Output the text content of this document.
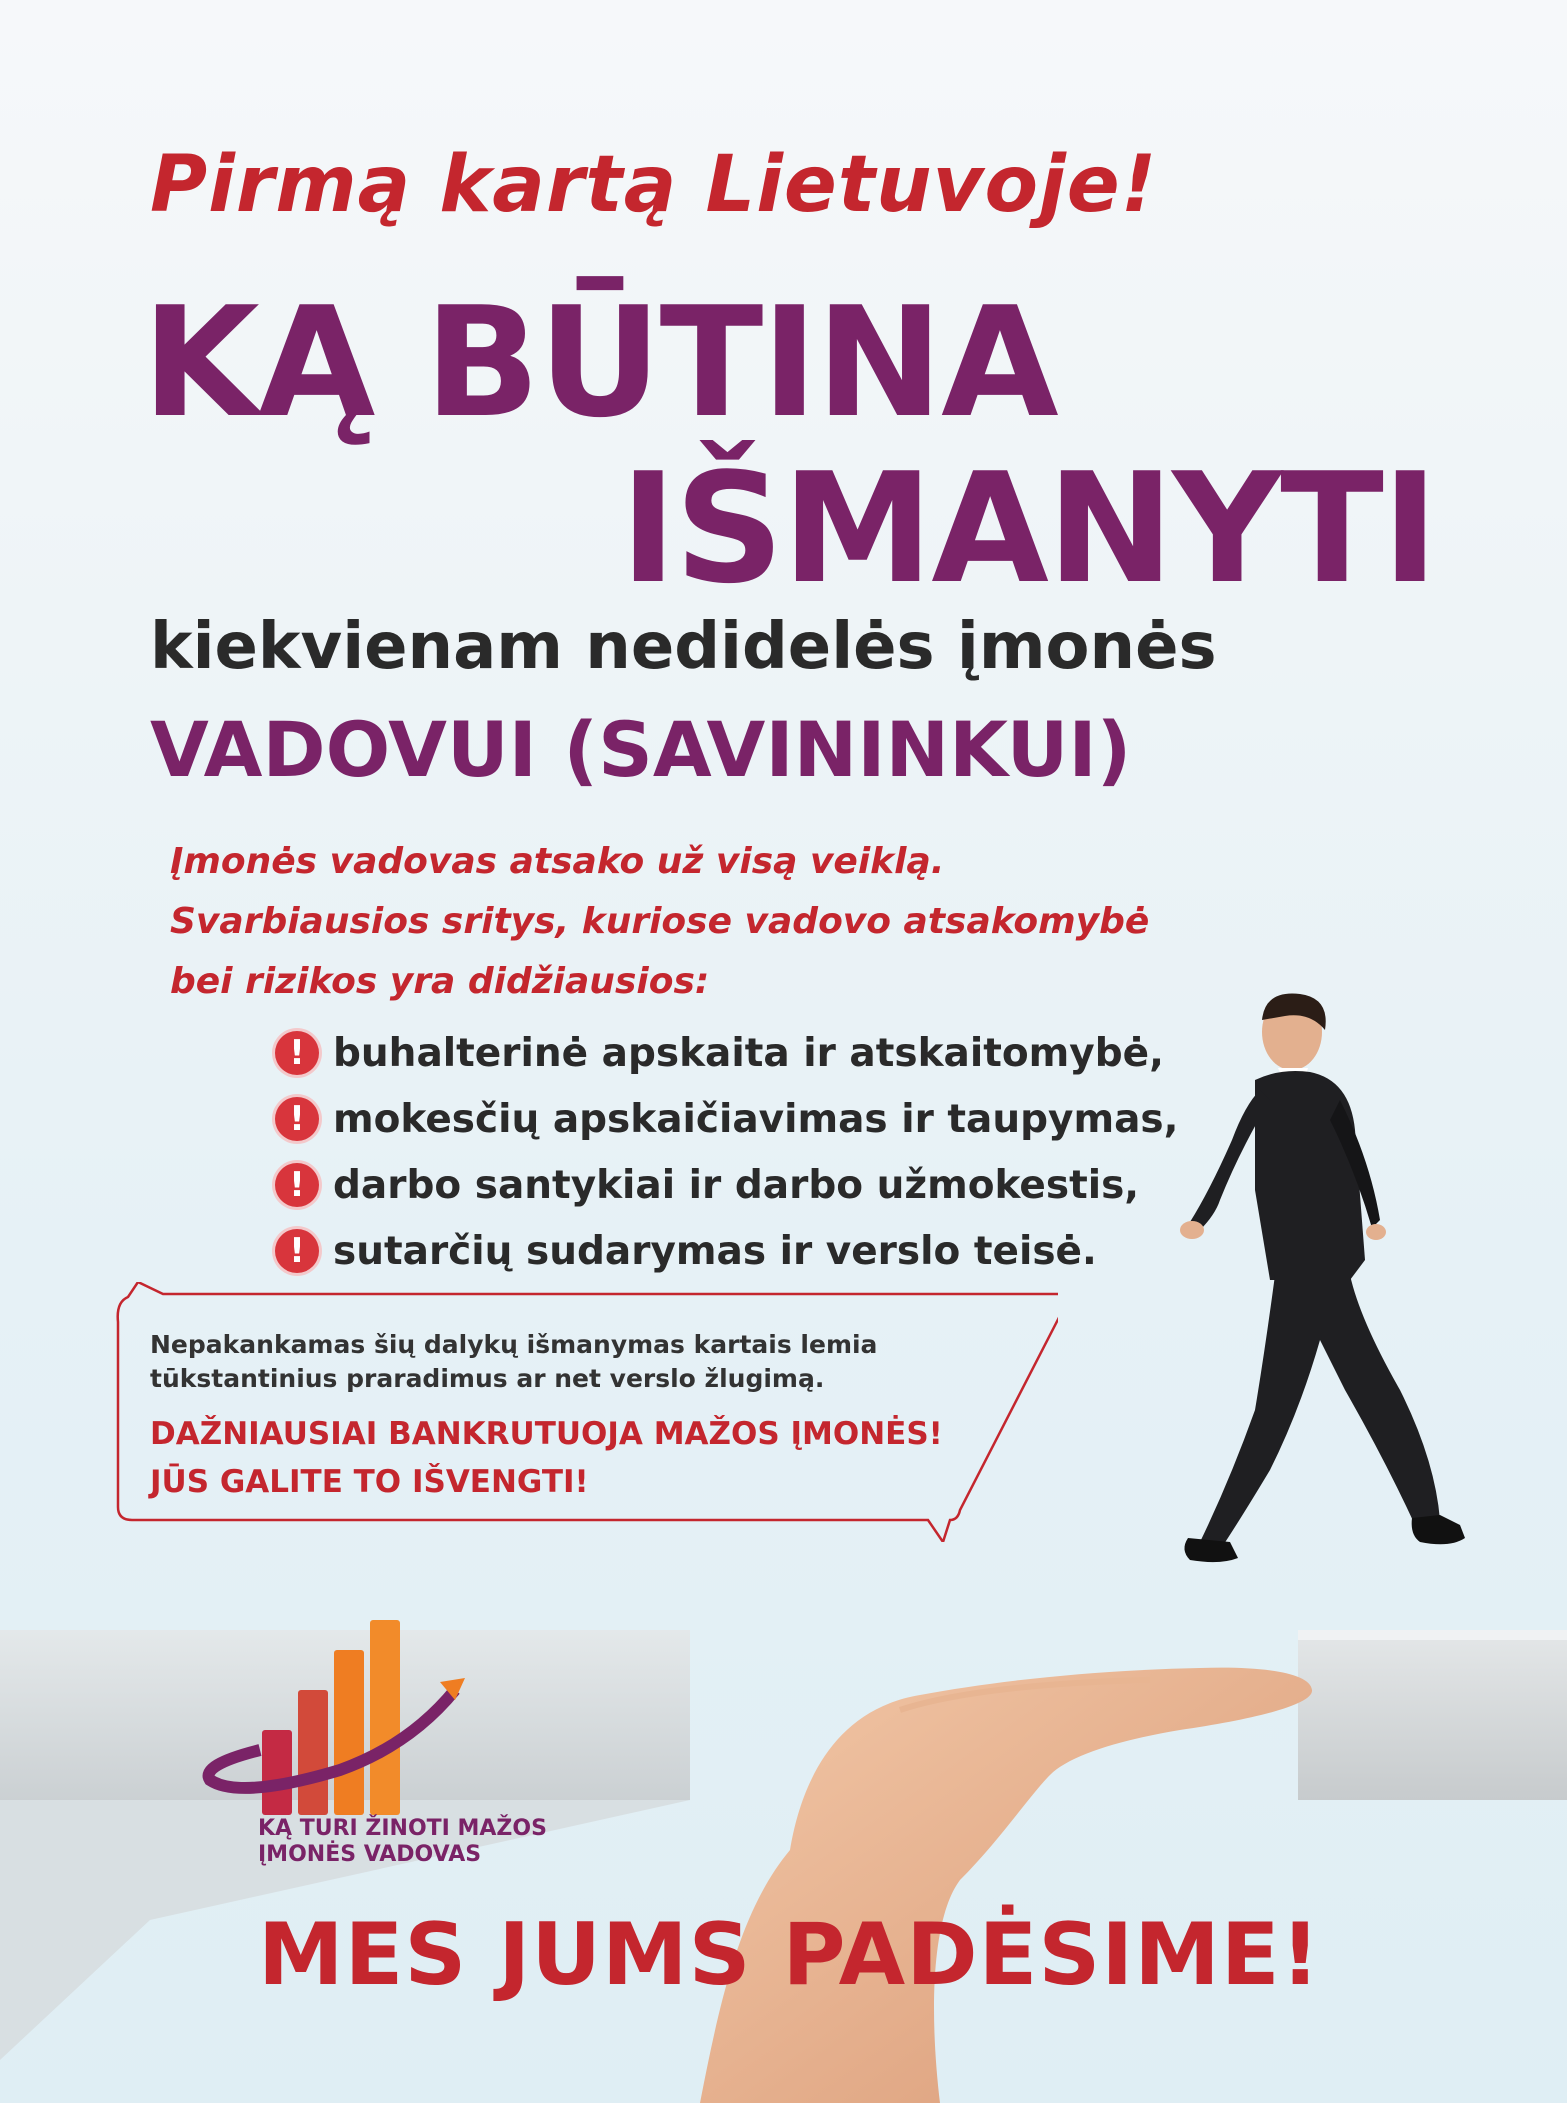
Pirmą kartą Lietuvoje!
KĄ BŪTINA
IŠMANYTI
kiekvienam nedidelės įmonės
VADOVUI (SAVININKUI)
Įmonės vadovas atsako už visą veiklą.
Svarbiausios sritys, kuriose vadovo atsakomybė
bei rizikos yra didžiausios:
! buhalterinė apskaita ir atskaitomybė,
! mokesčių apskaičiavimas ir taupymas,
! darbo santykiai ir darbo užmokestis,
! sutarčių sudarymas ir verslo teisė.
Nepakankamas šių dalykų išmanymas kartais lemia
tūkstantinius praradimus ar net verslo žlugimą.
DAŽNIAUSIAI BANKRUTUOJA MAŽOS ĮMONĖS!
JŪS GALITE TO IŠVENGTI!
KĄ TURI ŽINOTI MAŽOS
ĮMONĖS VADOVAS
MES JUMS PADĖSIME!
